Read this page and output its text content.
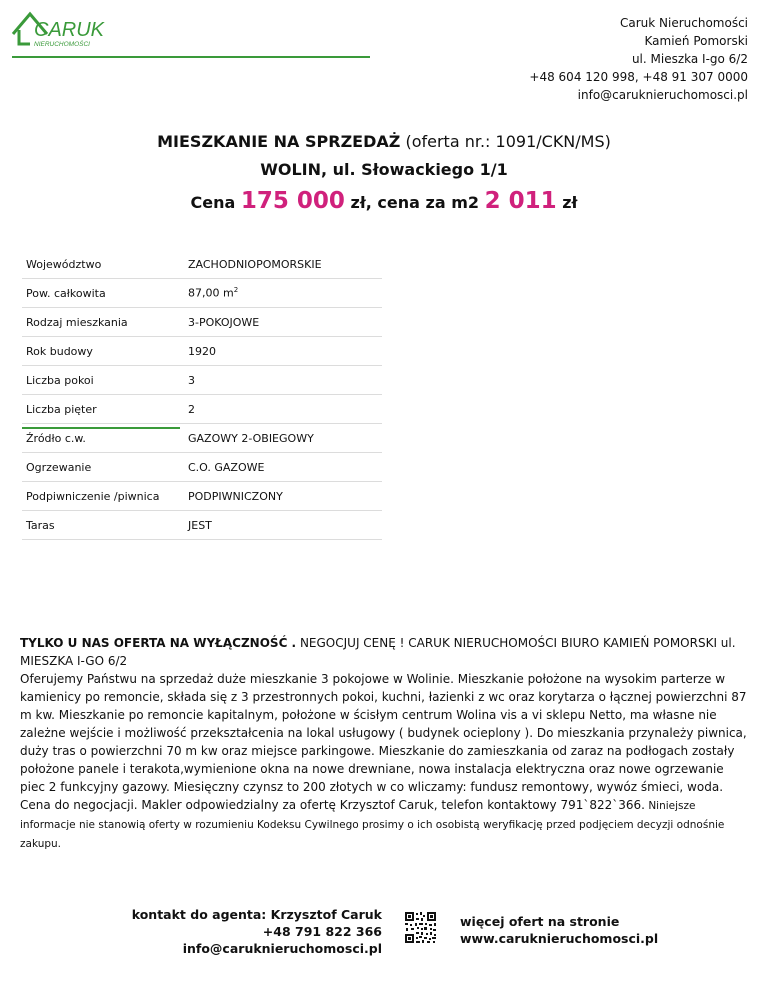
CARUK
NIERUCHOMOŚCI
Caruk Nieruchomości
Kamień Pomorski
ul. Mieszka I-go 6/2
+48 604 120 998, +48 91 307 0000
info@caruknieruchomosci.pl
MIESZKANIE NA SPRZEDAŻ (oferta nr.: 1091/CKN/MS)
WOLIN, ul. Słowackiego 1/1
Cena 175 000 zł, cena za m2 2 011 zł
Województwo	ZACHODNIOPOMORSKIE
Pow. całkowita	87,00 $m^2$
Rodzaj mieszkania	3-POKOJOWE
Rok budowy	1920
Liczba pokoi	3
Liczba pięter	2
Źródło c.w.	GAZOWY 2-OBIEGOWY
Ogrzewanie	C.O. GAZOWE
Podpiwniczenie /piwnica	PODPIWNICZONY
Taras	JEST
TYLKO U NAS OFERTA NA WYŁĄCZNOŚĆ . NEGOCJUJ CENĘ ! CARUK NIERUCHOMOŚCI BIURO KAMIEŃ POMORSKI ul. MIESZKA I-GO 6/2
Oferujemy Państwu na sprzedaż duże mieszkanie 3 pokojowe w Wolinie. Mieszkanie położone na wysokim parterze w kamienicy po remoncie, składa się z 3 przestronnych pokoi, kuchni, łazienki z wc oraz korytarza o łącznej powierzchni 87 m kw. Mieszkanie po remoncie kapitalnym, położone w ścisłym centrum Wolina vis a vi sklepu Netto, ma własne nie zależne wejście i możliwość przekształcenia na lokal usługowy ( budynek ocieplony ). Do mieszkania przynależy piwnica, duży tras o powierzchni 70 m kw oraz miejsce parkingowe. Mieszkanie do zamieszkania od zaraz na podłogach zostały położone panele i terakota,wymienione okna na nowe drewniane, nowa instalacja elektryczna oraz nowe ogrzewanie piec 2 funkcyjny gazowy. Miesięczny czynsz to 200 złotych w co wliczamy: fundusz remontowy, wywóz śmieci, woda. Cena do negocjacji. Makler odpowiedzialny za ofertę Krzysztof Caruk, telefon kontaktowy 791`822`366. Niniejsze informacje nie stanowią oferty w rozumieniu Kodeksu Cywilnego prosimy o ich osobistą weryfikację przed podjęciem decyzji odnośnie zakupu.
kontakt do agenta: Krzysztof Caruk
+48 791 822 366
info@caruknieruchomosci.pl
więcej ofert na stronie
www.caruknieruchomosci.pl
